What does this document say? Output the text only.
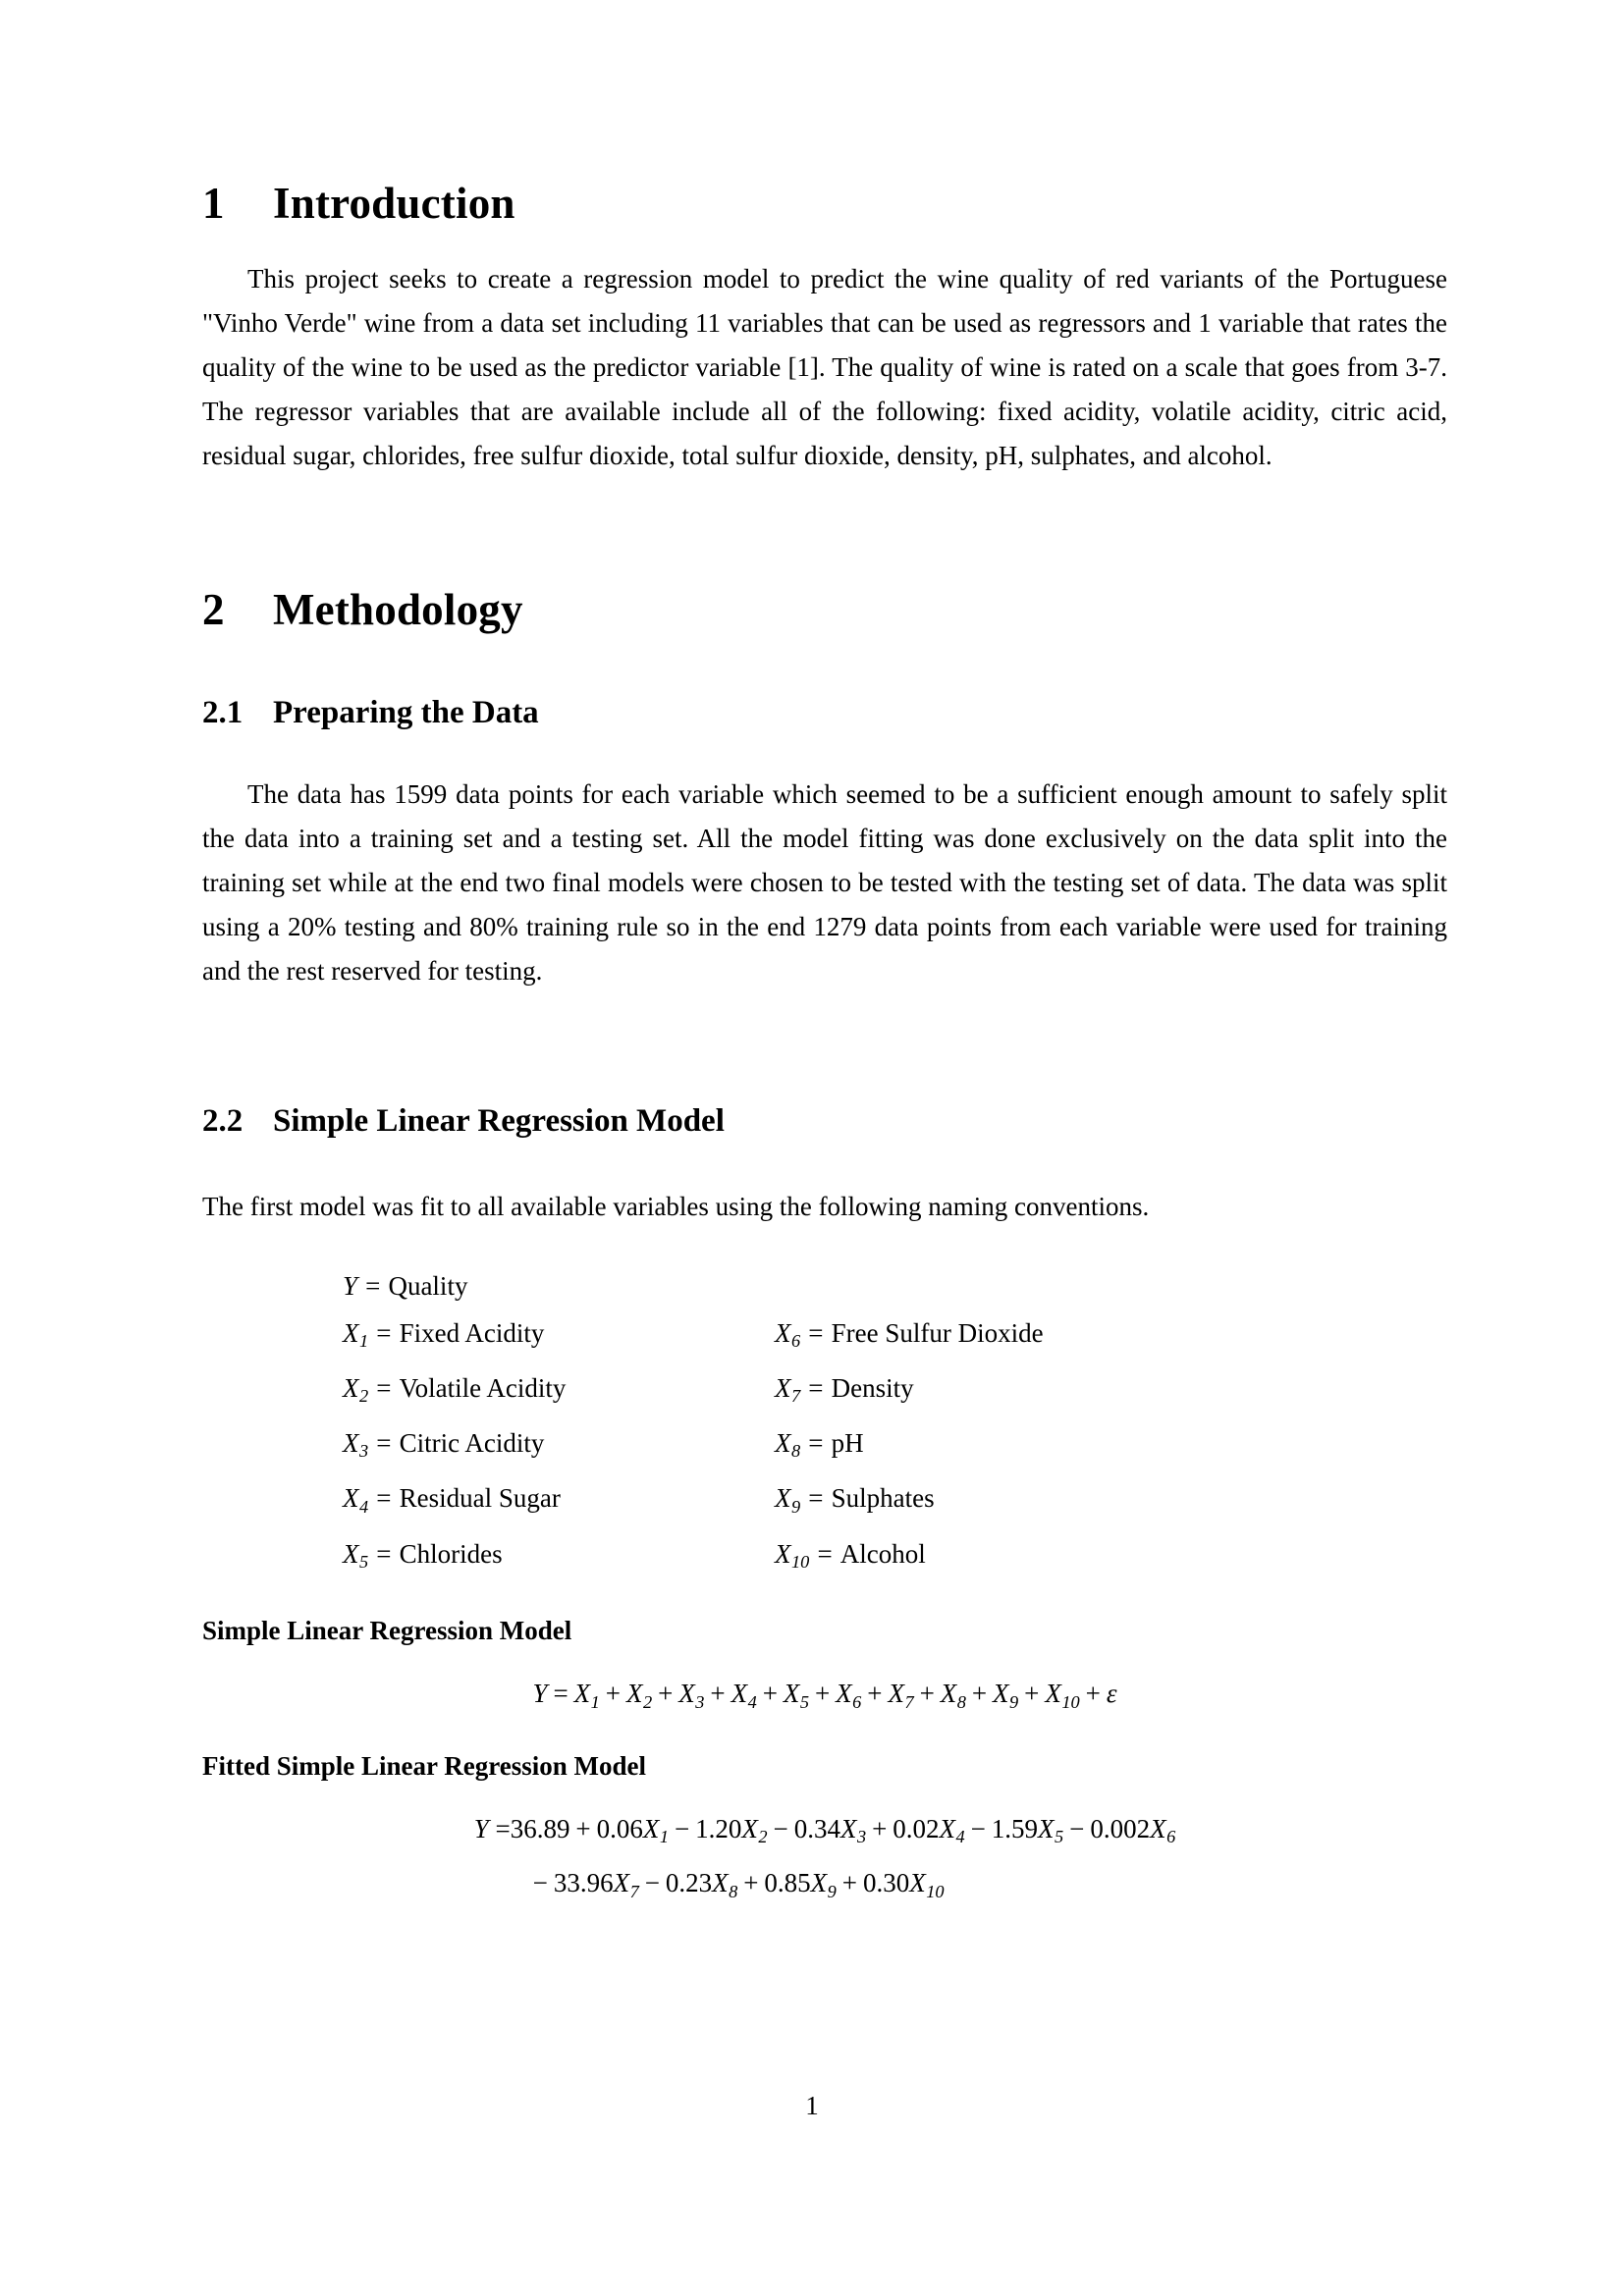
1 Introduction

This project seeks to create a regression model to predict the wine quality of red variants of the Portuguese "Vinho Verde" wine from a data set including 11 variables that can be used as regressors and 1 variable that rates the quality of the wine to be used as the predictor variable [1]. The quality of wine is rated on a scale that goes from 3-7. The regressor variables that are available include all of the following: fixed acidity, volatile acidity, citric acid, residual sugar, chlorides, free sulfur dioxide, total sulfur dioxide, density, pH, sulphates, and alcohol.

2 Methodology
2.1 Preparing the Data

The data has 1599 data points for each variable which seemed to be a sufficient enough amount to safely split the data into a training set and a testing set. All the model fitting was done exclusively on the data split into the training set while at the end two final models were chosen to be tested with the testing set of data. The data was split using a 20% testing and 80% training rule so in the end 1279 data points from each variable were used for training and the rest reserved for testing.

2.2 Simple Linear Regression Model

The first model was fit to all available variables using the following naming conventions.

Y = Quality
X1 = Fixed Acidity	X6 = Free Sulfur Dioxide
X2 = Volatile Acidity	X7 = Density
X3 = Citric Acidity	X8 = pH
X4 = Residual Sugar	X9 = Sulphates
X5 = Chlorides	X10 = Alcohol
Simple Linear Regression Model
Y = X1 + X2 + X3 + X4 + X5 + X6 + X7 + X8 + X9 + X10 + ε
Fitted Simple Linear Regression Model
Y =36.89 + 0.06X1 − 1.20X2 − 0.34X3 + 0.02X4 − 1.59X5 − 0.002X6
− 33.96X7 − 0.23X8 + 0.85X9 + 0.30X10
1
